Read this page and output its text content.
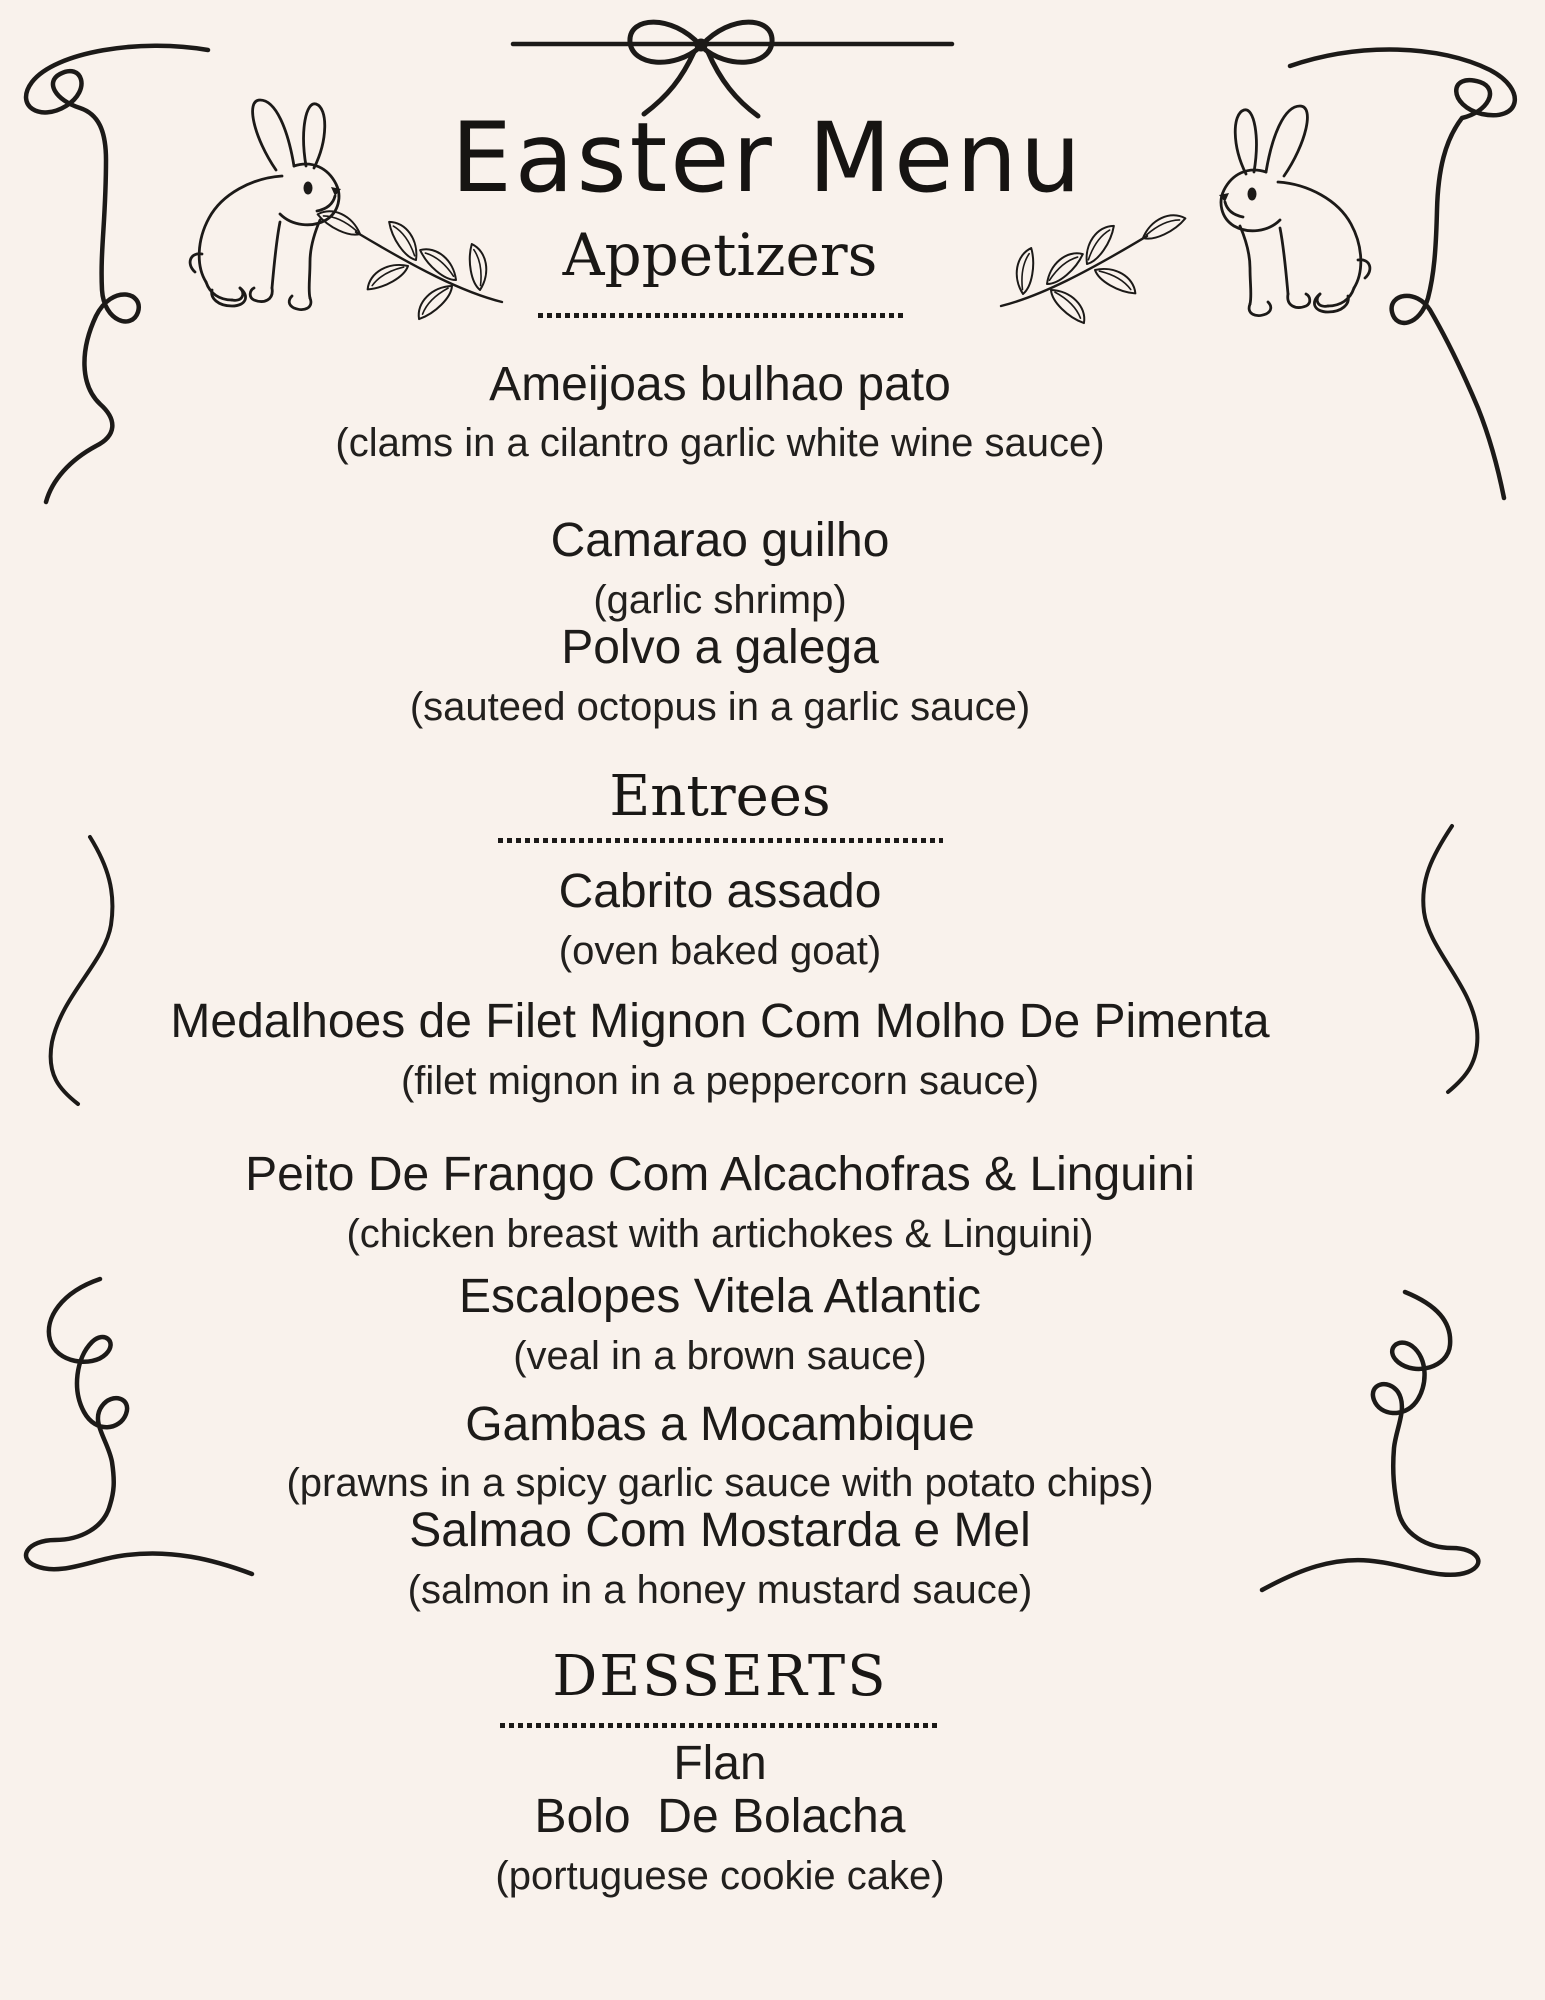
Easter Menu
Appetizers
Ameijoas bulhao pato
(clams in a cilantro garlic white wine sauce)
Camarao guilho
(garlic shrimp)
Polvo a galega
(sauteed octopus in a garlic sauce)
Entrees
Cabrito assado
(oven baked goat)
Medalhoes de Filet Mignon Com Molho De Pimenta
(filet mignon in a peppercorn sauce)
Peito De Frango Com Alcachofras & Linguini
(chicken breast with artichokes & Linguini)
Escalopes Vitela Atlantic
(veal in a brown sauce)
Gambas a Mocambique
(prawns in a spicy garlic sauce with potato chips)
Salmao Com Mostarda e Mel
(salmon in a honey mustard sauce)
DESSERTS
Flan
Bolo  De Bolacha
(portuguese cookie cake)
